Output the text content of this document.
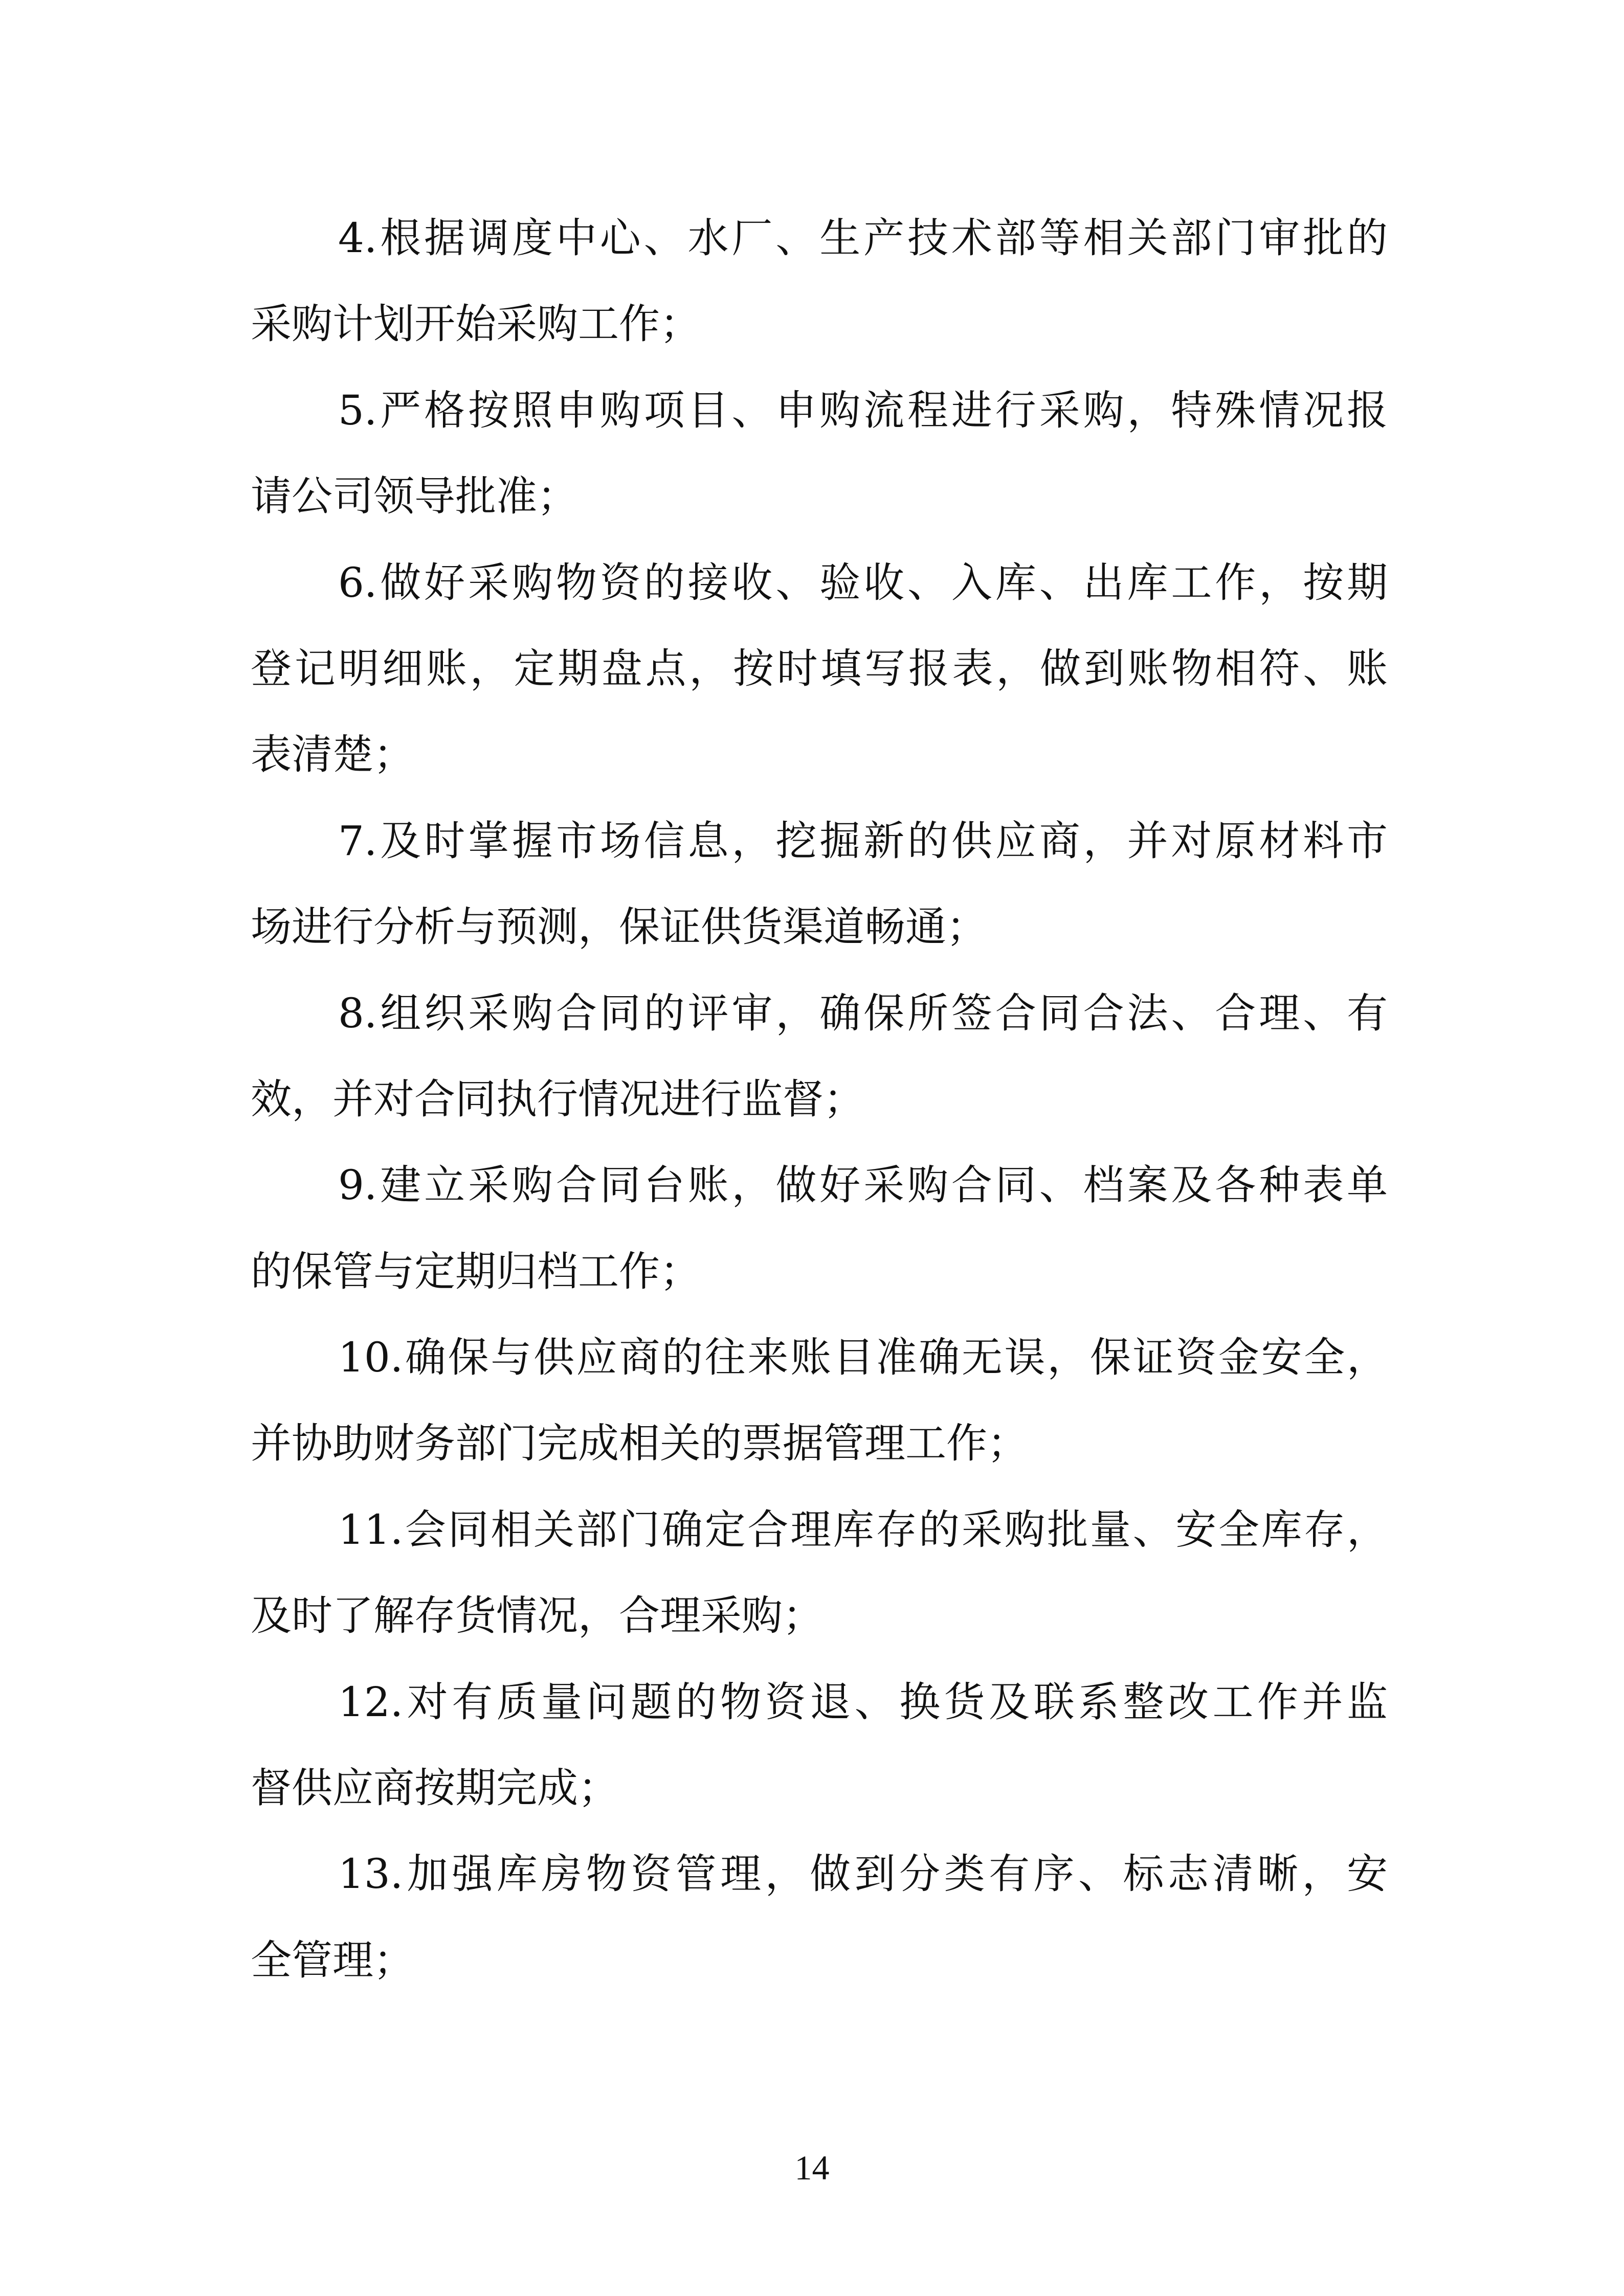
4.根据调度中心、水厂、生产技术部等相关部门审批的
采购计划开始采购工作；
5.严格按照申购项目、申购流程进行采购，特殊情况报
请公司领导批准；
6.做好采购物资的接收、验收、入库、出库工作，按期
登记明细账，定期盘点，按时填写报表，做到账物相符、账
表清楚；
7.及时掌握市场信息，挖掘新的供应商，并对原材料市
场进行分析与预测，保证供货渠道畅通；
8.组织采购合同的评审，确保所签合同合法、合理、有
效，并对合同执行情况进行监督；
9.建立采购合同台账，做好采购合同、档案及各种表单
的保管与定期归档工作；
10.确保与供应商的往来账目准确无误，保证资金安全，
并协助财务部门完成相关的票据管理工作；
11.会同相关部门确定合理库存的采购批量、安全库存，
及时了解存货情况，合理采购；
12.对有质量问题的物资退、换货及联系整改工作并监
督供应商按期完成；
13.加强库房物资管理，做到分类有序、标志清晰，安
全管理；
14
